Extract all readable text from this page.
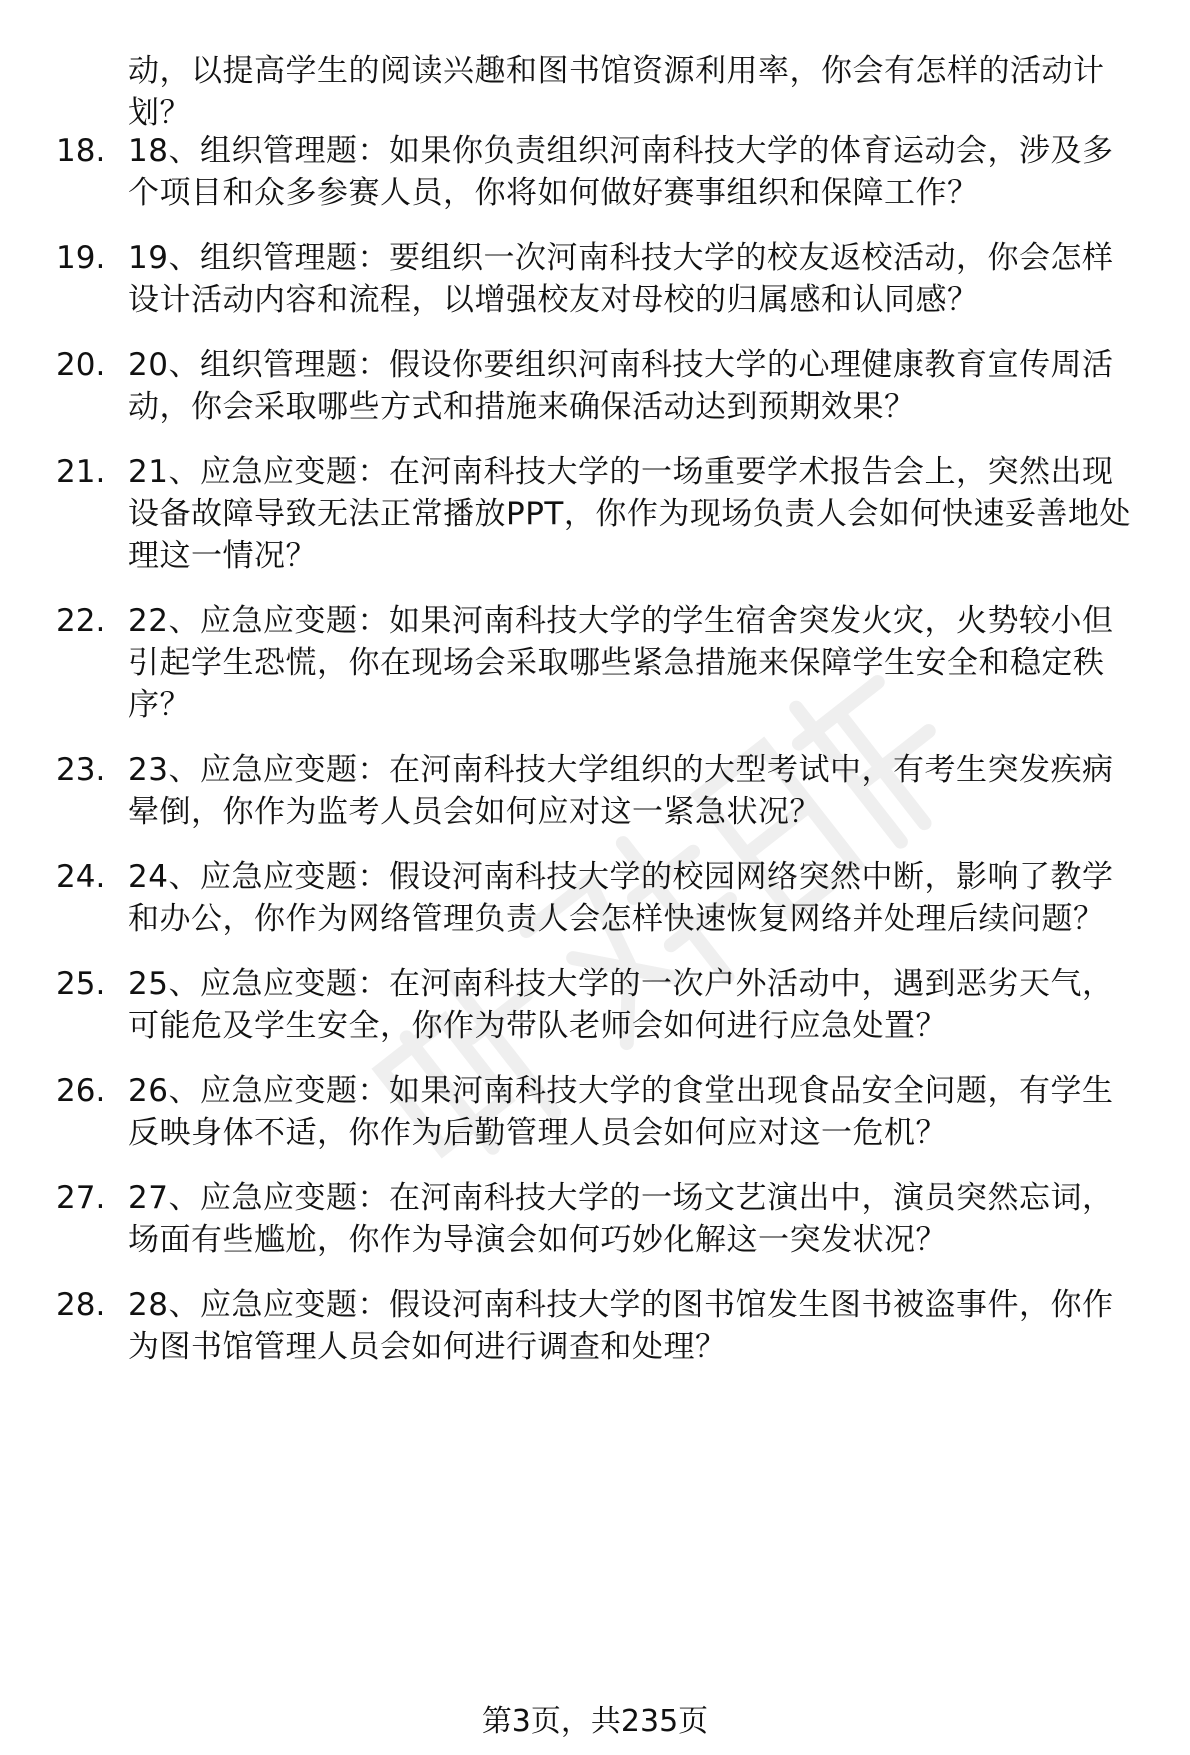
动，以提高学生的阅读兴趣和图书馆资源利用率，你会有怎样的活动计划？
18. 18、组织管理题：如果你负责组织河南科技大学的体育运动会，涉及多个项目和众多参赛人员，你将如何做好赛事组织和保障工作？
19. 19、组织管理题：要组织一次河南科技大学的校友返校活动，你会怎样设计活动内容和流程，以增强校友对母校的归属感和认同感？
20. 20、组织管理题：假设你要组织河南科技大学的心理健康教育宣传周活动，你会采取哪些方式和措施来确保活动达到预期效果？
21. 21、应急应变题：在河南科技大学的一场重要学术报告会上，突然出现设备故障导致无法正常播放PPT，你作为现场负责人会如何快速妥善地处理这一情况？
22. 22、应急应变题：如果河南科技大学的学生宿舍突发火灾，火势较小但引起学生恐慌，你在现场会采取哪些紧急措施来保障学生安全和稳定秩序？
23. 23、应急应变题：在河南科技大学组织的大型考试中，有考生突发疾病晕倒，你作为监考人员会如何应对这一紧急状况？
24. 24、应急应变题：假设河南科技大学的校园网络突然中断，影响了教学和办公，你作为网络管理负责人会怎样快速恢复网络并处理后续问题？
25. 25、应急应变题：在河南科技大学的一次户外活动中，遇到恶劣天气，可能危及学生安全，你作为带队老师会如何进行应急处置？
26. 26、应急应变题：如果河南科技大学的食堂出现食品安全问题，有学生反映身体不适，你作为后勤管理人员会如何应对这一危机？
27. 27、应急应变题：在河南科技大学的一场文艺演出中，演员突然忘词，场面有些尴尬，你作为导演会如何巧妙化解这一突发状况？
28. 28、应急应变题：假设河南科技大学的图书馆发生图书被盗事件，你作为图书馆管理人员会如何进行调查和处理？
第3页，共235页
